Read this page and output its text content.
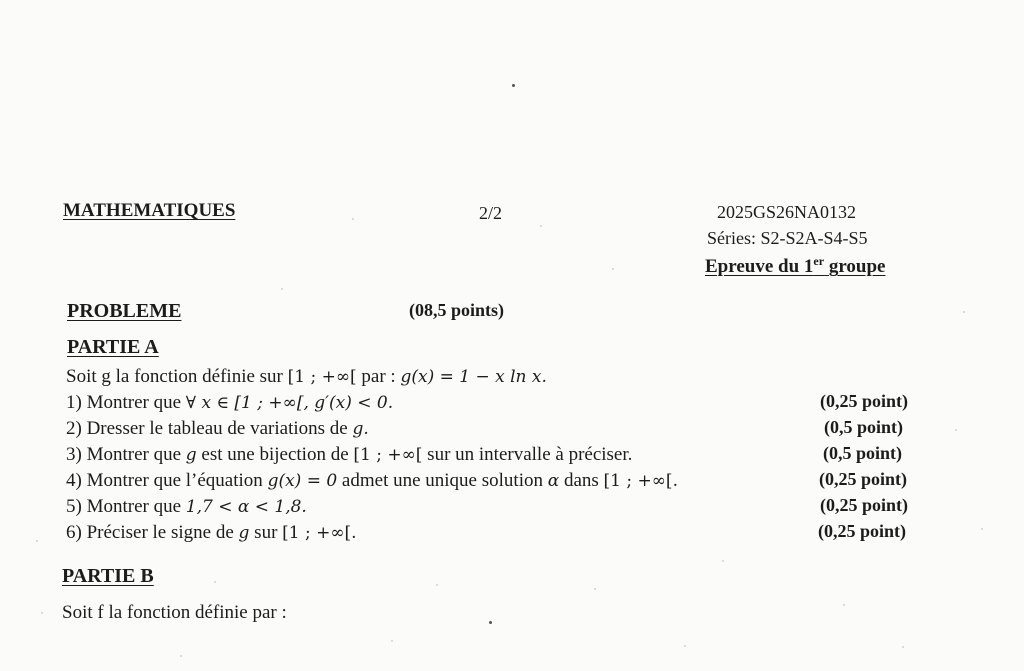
MATHEMATIQUES	2/2	2025GS26NA0132
Séries: S2-S2A-S4-S5
Epreuve du 1er groupe
PROBLEME	(08,5 points)
PARTIE A
Soit g la fonction définie sur [1 ; +∞[ par : g(x) = 1 − x ln x.
1) Montrer que ∀ x ∈ [1 ; +∞[, g′(x) < 0.	(0,25 point)
2) Dresser le tableau de variations de g.	(0,5 point)
3) Montrer que g est une bijection de [1 ; +∞[ sur un intervalle à préciser.	(0,5 point)
4) Montrer que l’équation g(x) = 0 admet une unique solution α dans [1 ; +∞[.	(0,25 point)
5) Montrer que 1,7 < α < 1,8.	(0,25 point)
6) Préciser le signe de g sur [1 ; +∞[.	(0,25 point)
PARTIE B
Soit f la fonction définie par :
